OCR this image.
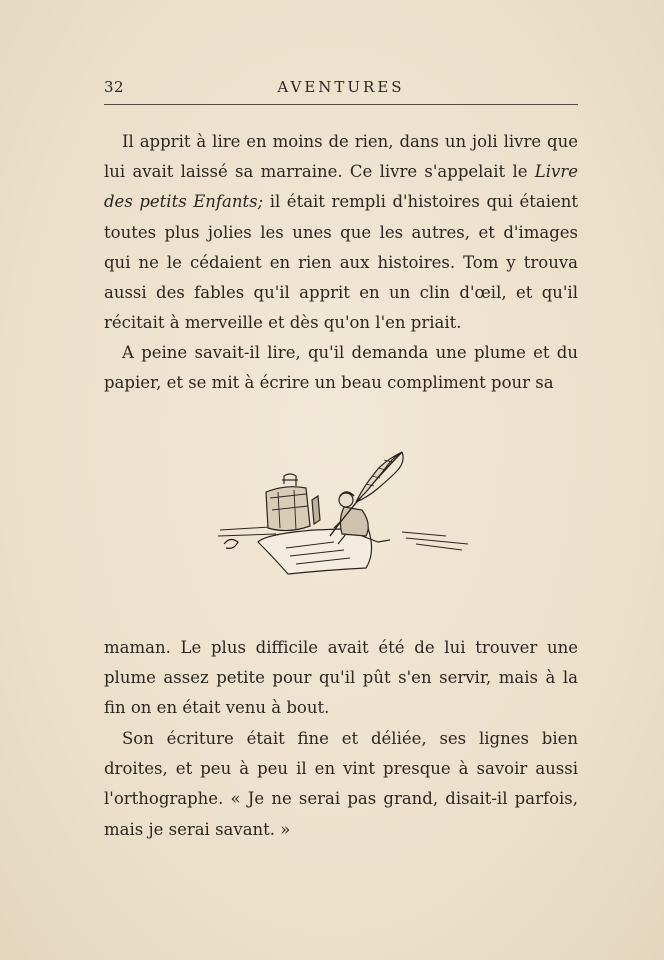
32	AVENTURES

Il apprit à lire en moins de rien, dans un joli livre que lui avait laissé sa marraine. Ce livre s'appelait le Livre des petits Enfants; il était rempli d'histoires qui étaient toutes plus jolies les unes que les autres, et d'images qui ne le cédaient en rien aux histoires. Tom y trouva aussi des fables qu'il apprit en un clin d'œil, et qu'il récitait à merveille et dès qu'on l'en priait.

A peine savait-il lire, qu'il demanda une plume et du papier, et se mit à écrire un beau compliment pour sa

maman. Le plus difficile avait été de lui trouver une plume assez petite pour qu'il pût s'en servir, mais à la fin on en était venu à bout.

Son écriture était fine et déliée, ses lignes bien droites, et peu à peu il en vint presque à savoir aussi l'orthographe. « Je ne serai pas grand, disait-il parfois, mais je serai savant. »
